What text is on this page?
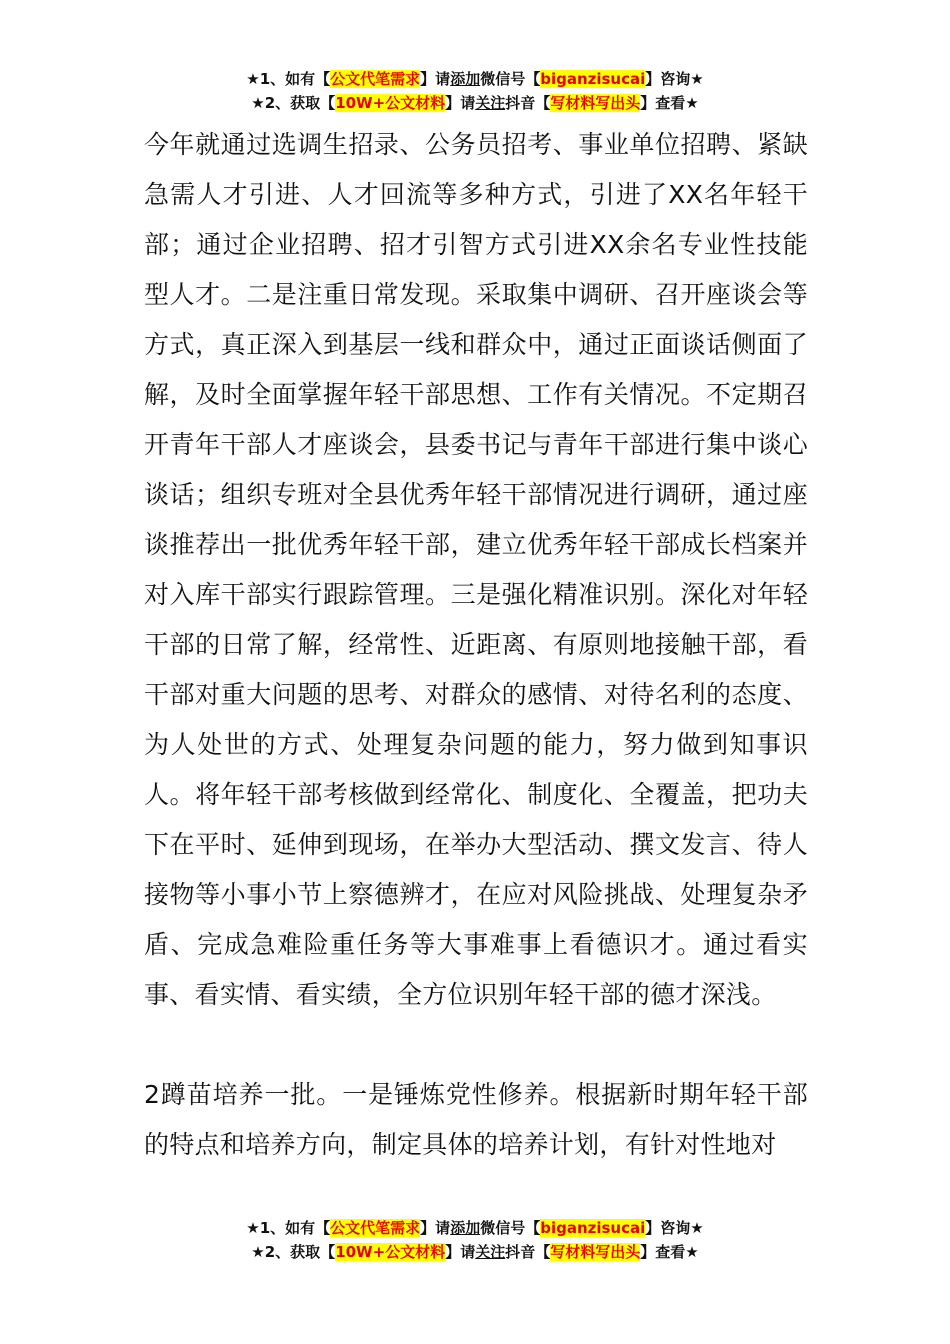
★1、如有【公文代笔需求】请添加微信号【biganzisucai】咨询★
★2、获取【10W+公文材料】请关注抖音【写材料写出头】查看★

今年就通过选调生招录、公务员招考、事业单位招聘、紧缺急需人才引进、人才回流等多种方式，引进了XX名年轻干部；通过企业招聘、招才引智方式引进XX余名专业性技能型人才。二是注重日常发现。采取集中调研、召开座谈会等方式，真正深入到基层一线和群众中，通过正面谈话侧面了解，及时全面掌握年轻干部思想、工作有关情况。不定期召开青年干部人才座谈会，县委书记与青年干部进行集中谈心谈话；组织专班对全县优秀年轻干部情况进行调研，通过座谈推荐出一批优秀年轻干部，建立优秀年轻干部成长档案并对入库干部实行跟踪管理。三是强化精准识别。深化对年轻干部的日常了解，经常性、近距离、有原则地接触干部，看干部对重大问题的思考、对群众的感情、对待名利的态度、为人处世的方式、处理复杂问题的能力，努力做到知事识人。将年轻干部考核做到经常化、制度化、全覆盖，把功夫下在平时、延伸到现场，在举办大型活动、撰文发言、待人接物等小事小节上察德辨才，在应对风险挑战、处理复杂矛盾、完成急难险重任务等大事难事上看德识才。通过看实事、看实情、看实绩，全方位识别年轻干部的德才深浅。

2蹲苗培养一批。一是锤炼党性修养。根据新时期年轻干部的特点和培养方向，制定具体的培养计划，有针对性地对

★1、如有【公文代笔需求】请添加微信号【biganzisucai】咨询★
★2、获取【10W+公文材料】请关注抖音【写材料写出头】查看★
